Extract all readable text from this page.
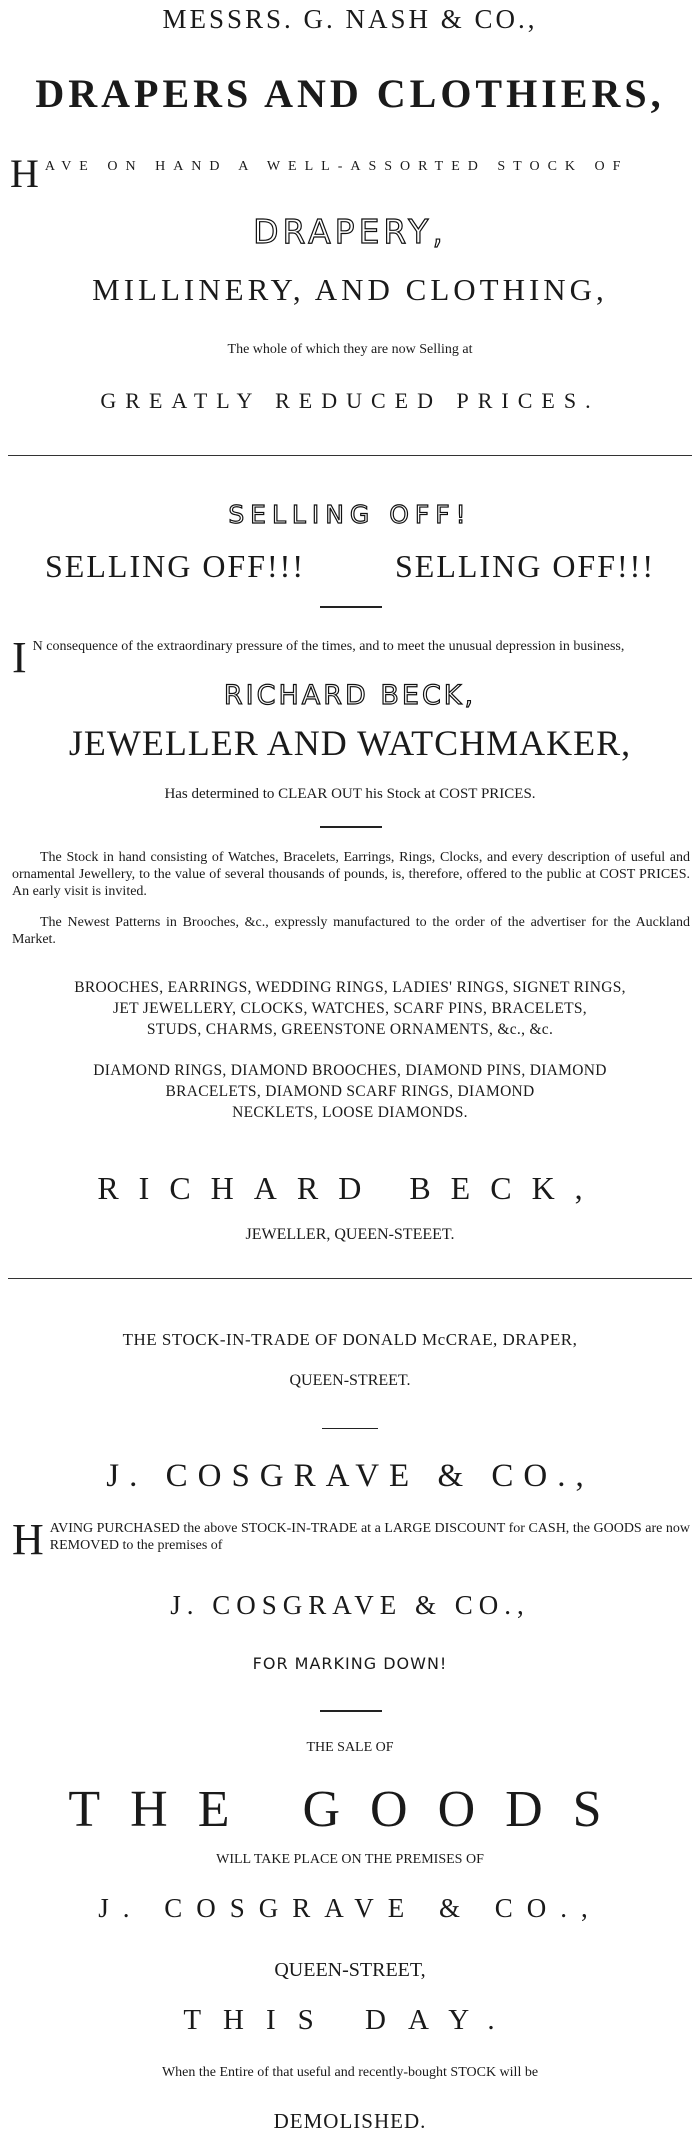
MESSRS. G. NASH & CO.,
DRAPERS AND CLOTHIERS,
H AVE ON HAND A WELL-ASSORTED STOCK OF
DRAPERY,
MILLINERY, AND CLOTHING,
The whole of which they are now Selling at
GREATLY REDUCED PRICES.
SELLING OFF!
SELLING OFF!!!	SELLING OFF!!!
I N consequence of the extraordinary pressure of the times, and to meet the unusual depression in business,

RICHARD BECK,
JEWELLER AND WATCHMAKER,
Has determined to CLEAR OUT his Stock at COST PRICES.

The Stock in hand consisting of Watches, Bracelets, Earrings, Rings, Clocks, and every description of useful and ornamental Jewellery, to the value of several thousands of pounds, is, therefore, offered to the public at COST PRICES. An early visit is invited.

The Newest Patterns in Brooches, &c., expressly manufactured to the order of the advertiser for the Auckland Market.

BROOCHES, EARRINGS, WEDDING RINGS, LADIES' RINGS, SIGNET RINGS,
JET JEWELLERY, CLOCKS, WATCHES, SCARF PINS, BRACELETS,
STUDS, CHARMS, GREENSTONE ORNAMENTS, &c., &c.
DIAMOND RINGS, DIAMOND BROOCHES, DIAMOND PINS, DIAMOND
BRACELETS, DIAMOND SCARF RINGS, DIAMOND
NECKLETS, LOOSE DIAMONDS.
RICHARD BECK,
JEWELLER, QUEEN-STEEET.
THE STOCK-IN-TRADE OF DONALD McCRAE, DRAPER,
QUEEN-STREET.
J. COSGRAVE & CO.,
H AVING PURCHASED the above STOCK-IN-TRADE at a LARGE DISCOUNT for CASH, the GOODS are now REMOVED to the premises of

J. COSGRAVE & CO.,
FOR MARKING DOWN!
THE SALE OF
THE GOODS
WILL TAKE PLACE ON THE PREMISES OF
J. COSGRAVE & CO.,
QUEEN-STREET,
THIS DAY.
When the Entire of that useful and recently-bought STOCK will be
DEMOLISHED.
